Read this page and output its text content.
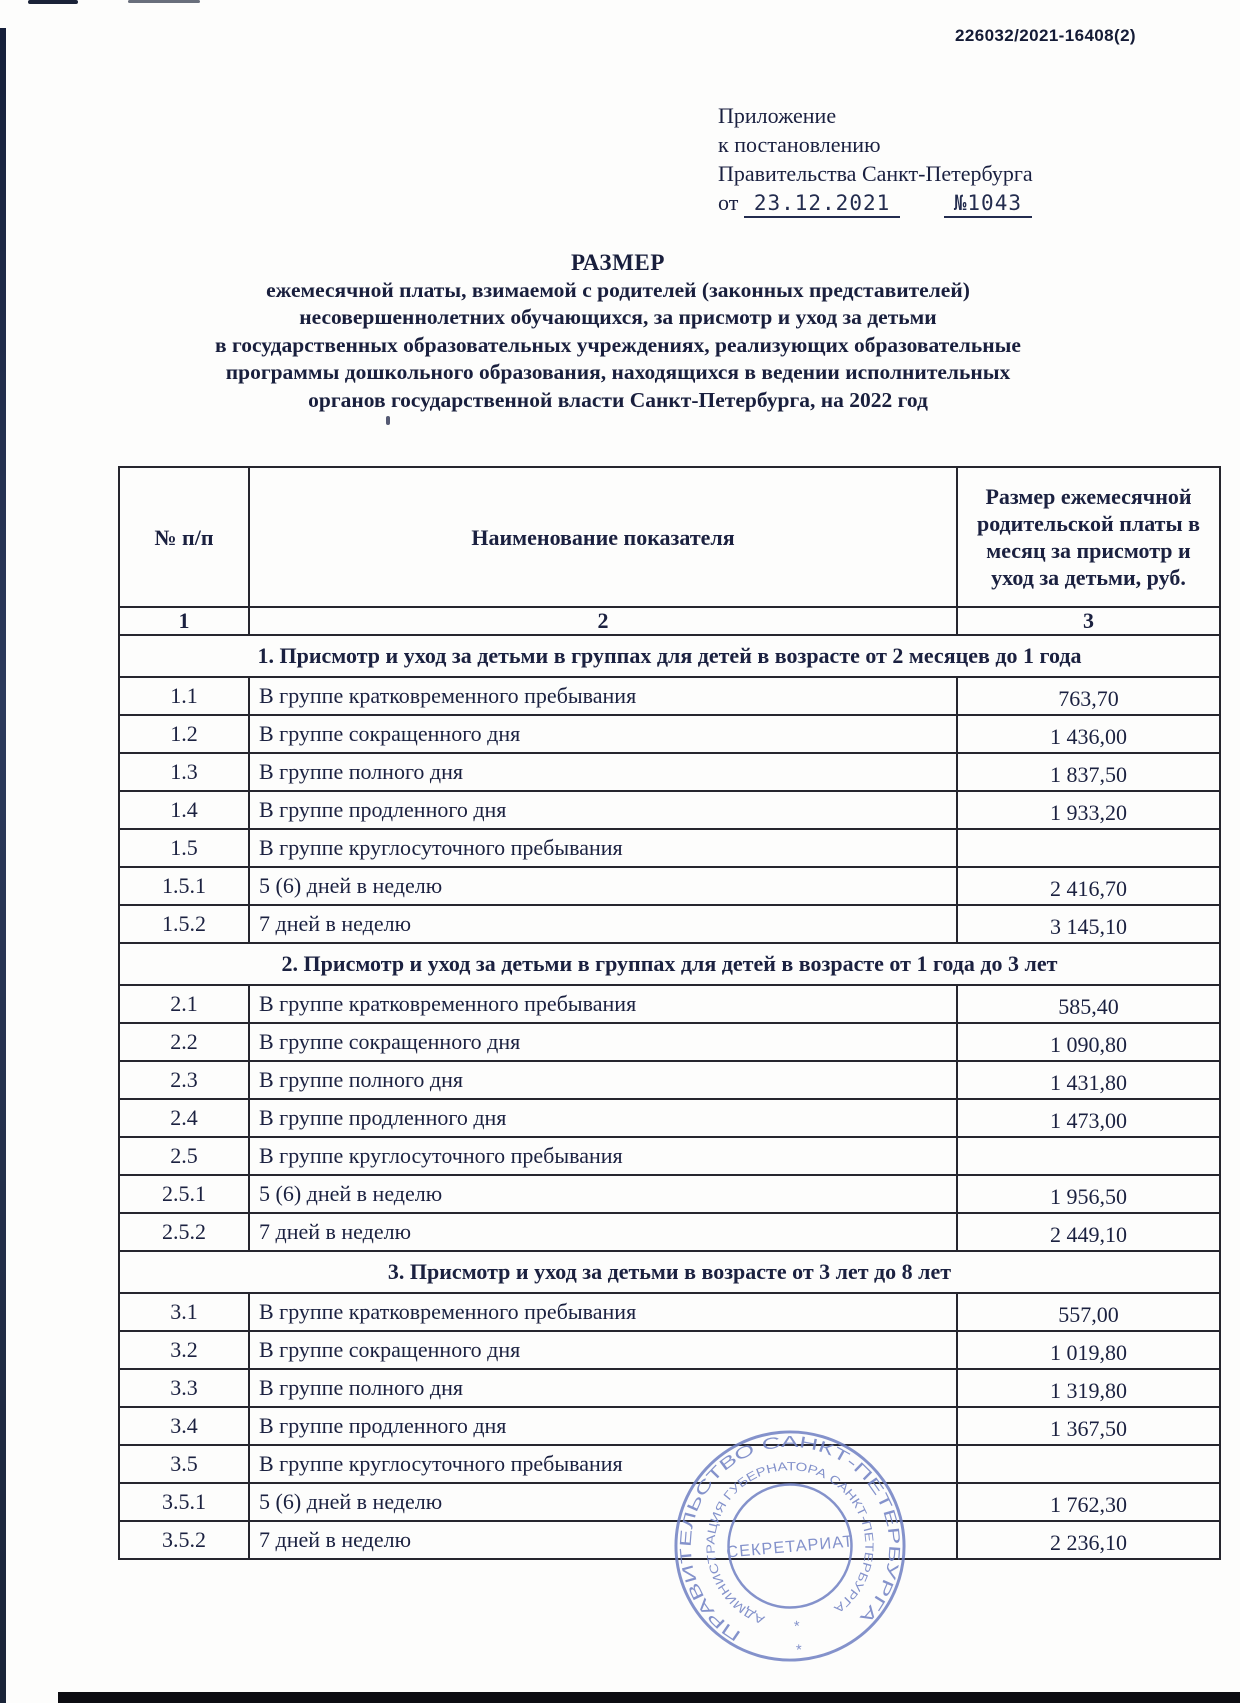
226032/2021-16408(2)
Приложение
к постановлению
Правительства Санкт-Петербурга
от 23.12.2021	№1043
РАЗМЕР
ежемесячной платы, взимаемой с родителей (законных представителей)
несовершеннолетних обучающихся, за присмотр и уход за детьми
в государственных образовательных учреждениях, реализующих образовательные
программы дошкольного образования, находящихся в ведении исполнительных
органов государственной власти Санкт-Петербурга, на 2022 год
№ п/п	Наименование показателя	Размер ежемесячной родительской платы в месяц за присмотр и уход за детьми, руб.
1	2	3
1. Присмотр и уход за детьми в группах для детей в возрасте от 2 месяцев до 1 года		
1.1	В группе кратковременного пребывания	763,70
1.2	В группе сокращенного дня	1 436,00
1.3	В группе полного дня	1 837,50
1.4	В группе продленного дня	1 933,20
1.5	В группе круглосуточного пребывания	
1.5.1	5 (6) дней в неделю	2 416,70
1.5.2	7 дней в неделю	3 145,10
2. Присмотр и уход за детьми в группах для детей в возрасте от 1 года до 3 лет		
2.1	В группе кратковременного пребывания	585,40
2.2	В группе сокращенного дня	1 090,80
2.3	В группе полного дня	1 431,80
2.4	В группе продленного дня	1 473,00
2.5	В группе круглосуточного пребывания	
2.5.1	5 (6) дней в неделю	1 956,50
2.5.2	7 дней в неделю	2 449,10
3. Присмотр и уход за детьми в возрасте от 3 лет до 8 лет		
3.1	В группе кратковременного пребывания	557,00
3.2	В группе сокращенного дня	1 019,80
3.3	В группе полного дня	1 319,80
3.4	В группе продленного дня	1 367,50
3.5	В группе круглосуточного пребывания	
3.5.1	5 (6) дней в неделю	1 762,30
3.5.2	7 дней в неделю	2 236,10
ПРАВИТЕЛЬСТВО САНКТ-ПЕТЕРБУРГА
АДМИНИСТРАЦИЯ ГУБЕРНАТОРА САНКТ-ПЕТЕРБУРГА
СЕКРЕТАРИАТ
*
*
